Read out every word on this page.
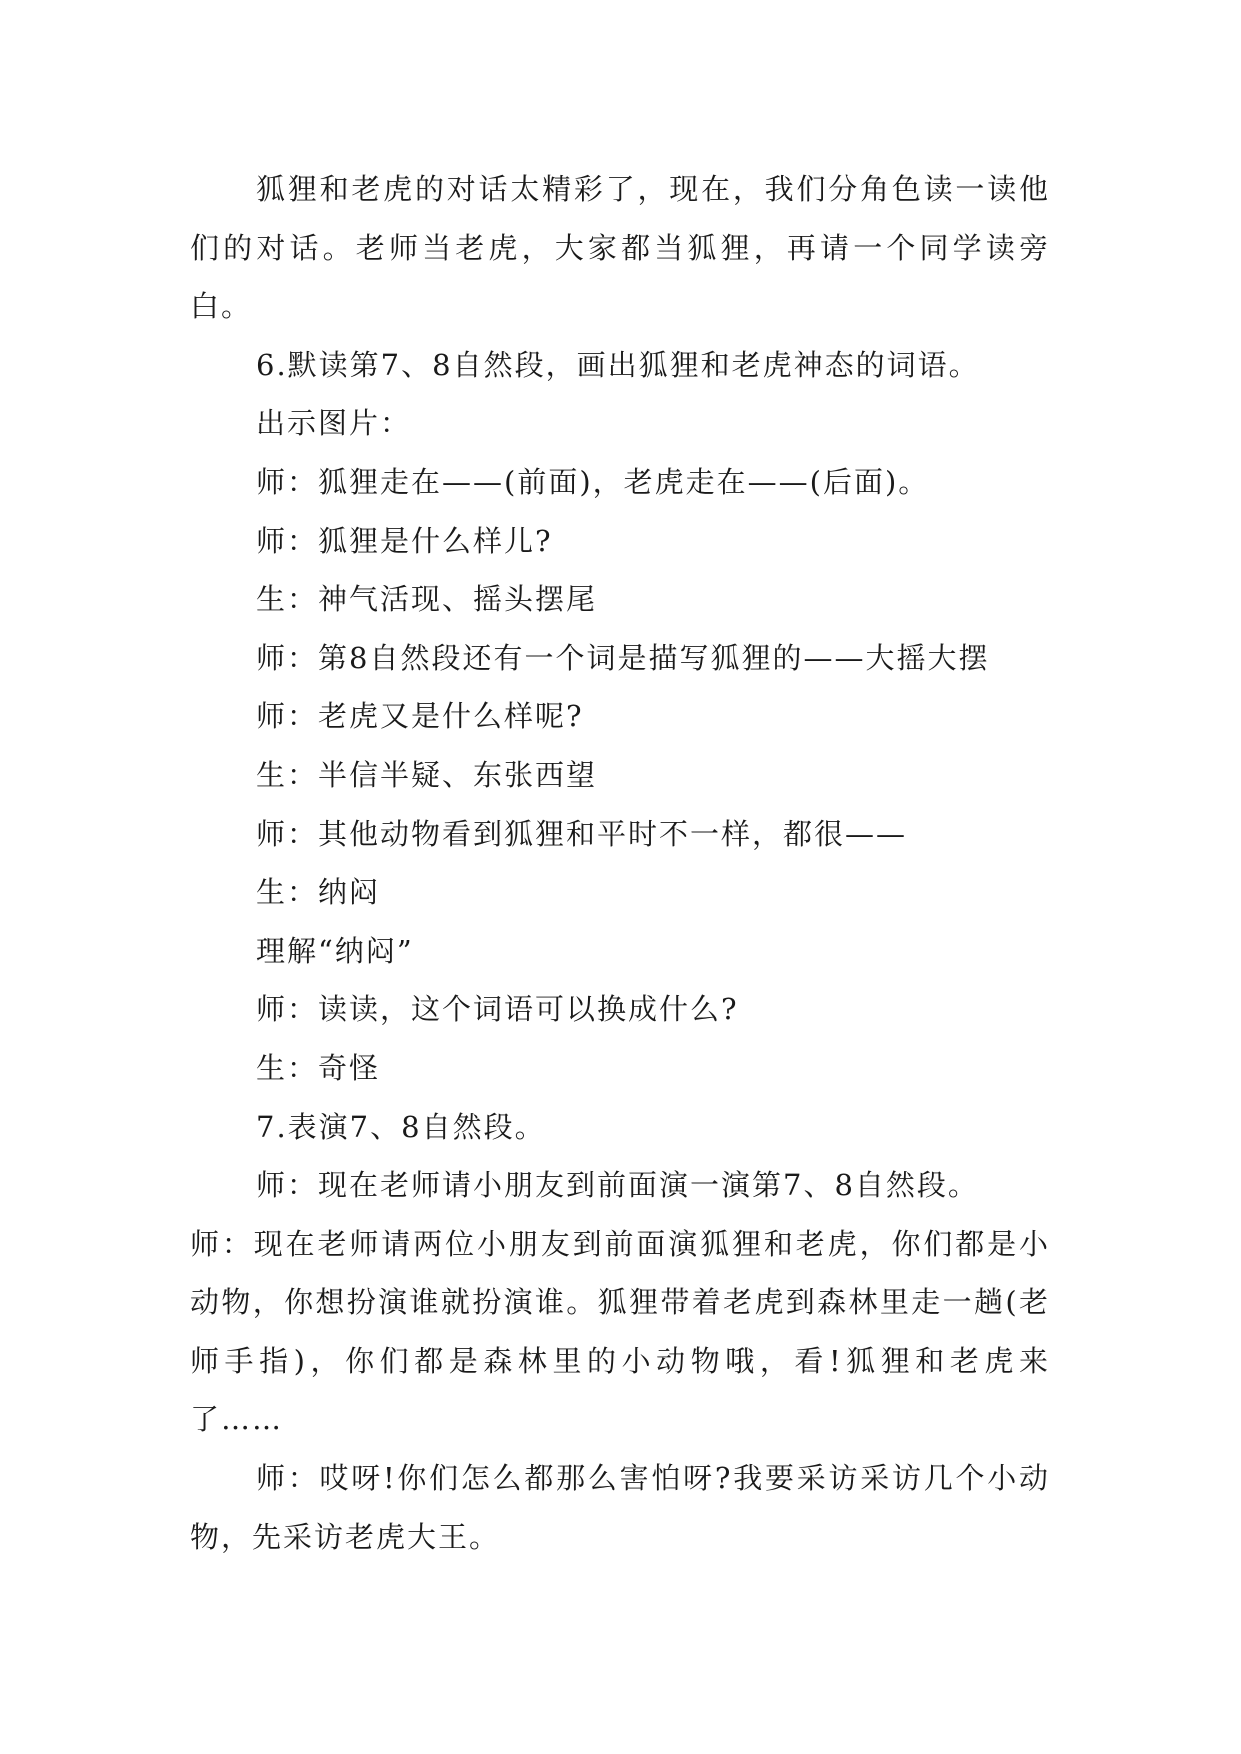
狐狸和老虎的对话太精彩了，现在，我们分角色读一读他们的对话。老师当老虎，大家都当狐狸，再请一个同学读旁白。

6.默读第7、8自然段，画出狐狸和老虎神态的词语。

出示图片：

师：狐狸走在——(前面)，老虎走在——(后面)。

师：狐狸是什么样儿?

生：神气活现、摇头摆尾

师：第8自然段还有一个词是描写狐狸的——大摇大摆

师：老虎又是什么样呢?

生：半信半疑、东张西望

师：其他动物看到狐狸和平时不一样，都很——

生：纳闷

理解“纳闷”

师：读读，这个词语可以换成什么?

生：奇怪

7.表演7、8自然段。

师：现在老师请小朋友到前面演一演第7、8自然段。

师：现在老师请两位小朋友到前面演狐狸和老虎，你们都是小动物，你想扮演谁就扮演谁。狐狸带着老虎到森林里走一趟(老师手指)，你们都是森林里的小动物哦，看!狐狸和老虎来了……

师：哎呀!你们怎么都那么害怕呀?我要采访采访几个小动物，先采访老虎大王。
